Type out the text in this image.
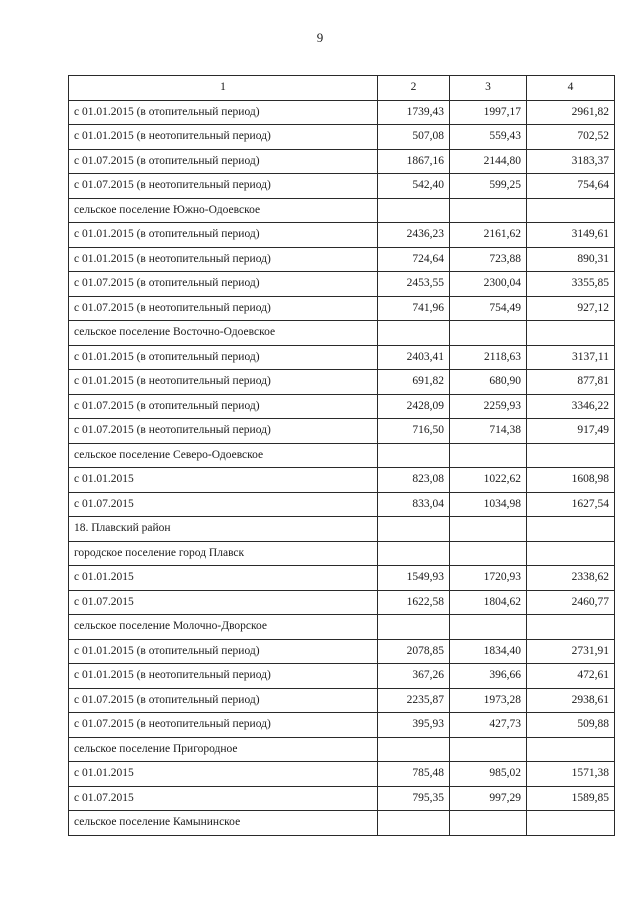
9
1	2	3	4
с 01.01.2015 (в отопительный период)	1739,43	1997,17	2961,82
с 01.01.2015 (в неотопительный период)	507,08	559,43	702,52
с 01.07.2015 (в отопительный период)	1867,16	2144,80	3183,37
с 01.07.2015 (в неотопительный период)	542,40	599,25	754,64
сельское поселение Южно-Одоевское			
с 01.01.2015 (в отопительный период)	2436,23	2161,62	3149,61
с 01.01.2015 (в неотопительный период)	724,64	723,88	890,31
с 01.07.2015 (в отопительный период)	2453,55	2300,04	3355,85
с 01.07.2015 (в неотопительный период)	741,96	754,49	927,12
сельское поселение Восточно-Одоевское			
с 01.01.2015 (в отопительный период)	2403,41	2118,63	3137,11
с 01.01.2015 (в неотопительный период)	691,82	680,90	877,81
с 01.07.2015 (в отопительный период)	2428,09	2259,93	3346,22
с 01.07.2015 (в неотопительный период)	716,50	714,38	917,49
сельское поселение Северо-Одоевское			
с 01.01.2015	823,08	1022,62	1608,98
с 01.07.2015	833,04	1034,98	1627,54
18. Плавский район			
городское поселение город Плавск			
с 01.01.2015	1549,93	1720,93	2338,62
с 01.07.2015	1622,58	1804,62	2460,77
сельское поселение Молочно-Дворское			
с 01.01.2015 (в отопительный период)	2078,85	1834,40	2731,91
с 01.01.2015 (в неотопительный период)	367,26	396,66	472,61
с 01.07.2015 (в отопительный период)	2235,87	1973,28	2938,61
с 01.07.2015 (в неотопительный период)	395,93	427,73	509,88
сельское поселение Пригородное			
с 01.01.2015	785,48	985,02	1571,38
с 01.07.2015	795,35	997,29	1589,85
сельское поселение Камынинское			
